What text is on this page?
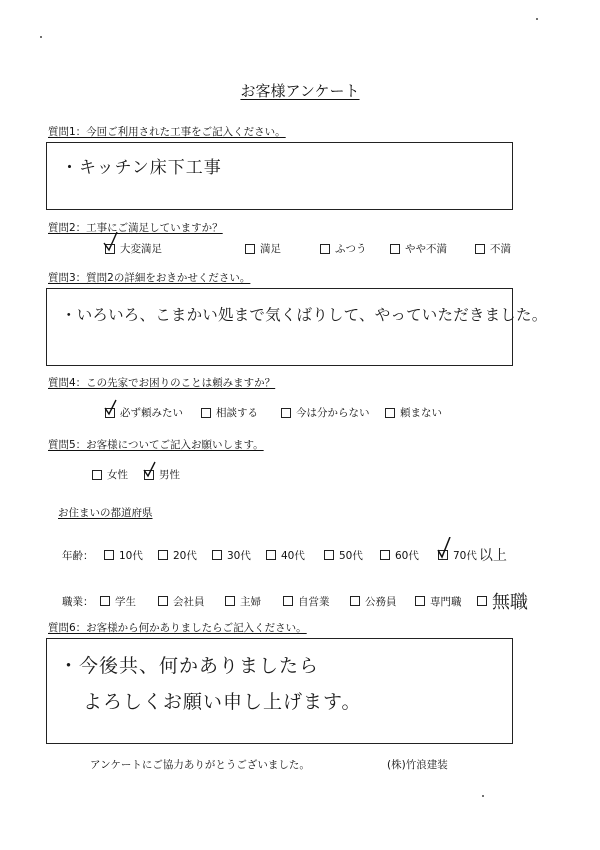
お客様アンケート
質問1：今回ご利用された工事をご記入ください。
・キッチン床下工事
質問2：工事にご満足していますか？
大変満足	満足	ふつう	やや不満	不満
質問3：質問2の詳細をおきかせください。
・いろいろ、こまかい処まで気くばりして、やっていただきました。
質問4：この先家でお困りのことは頼みますか？
必ず頼みたい	相談する	今は分からない	頼まない
質問5：お客様についてご記入お願いします。
女性	男性
お住まいの都道府県
年齢：	10代	20代	30代	40代	50代	60代	70代 以上
職業：	学生	会社員	主婦	自営業	公務員	専門職 無職
質問6：お客様から何かありましたらご記入ください。
・今後共、何かありましたら
よろしくお願い申し上げます。
アンケートにご協力ありがとうございました。	(株)竹浪建装
